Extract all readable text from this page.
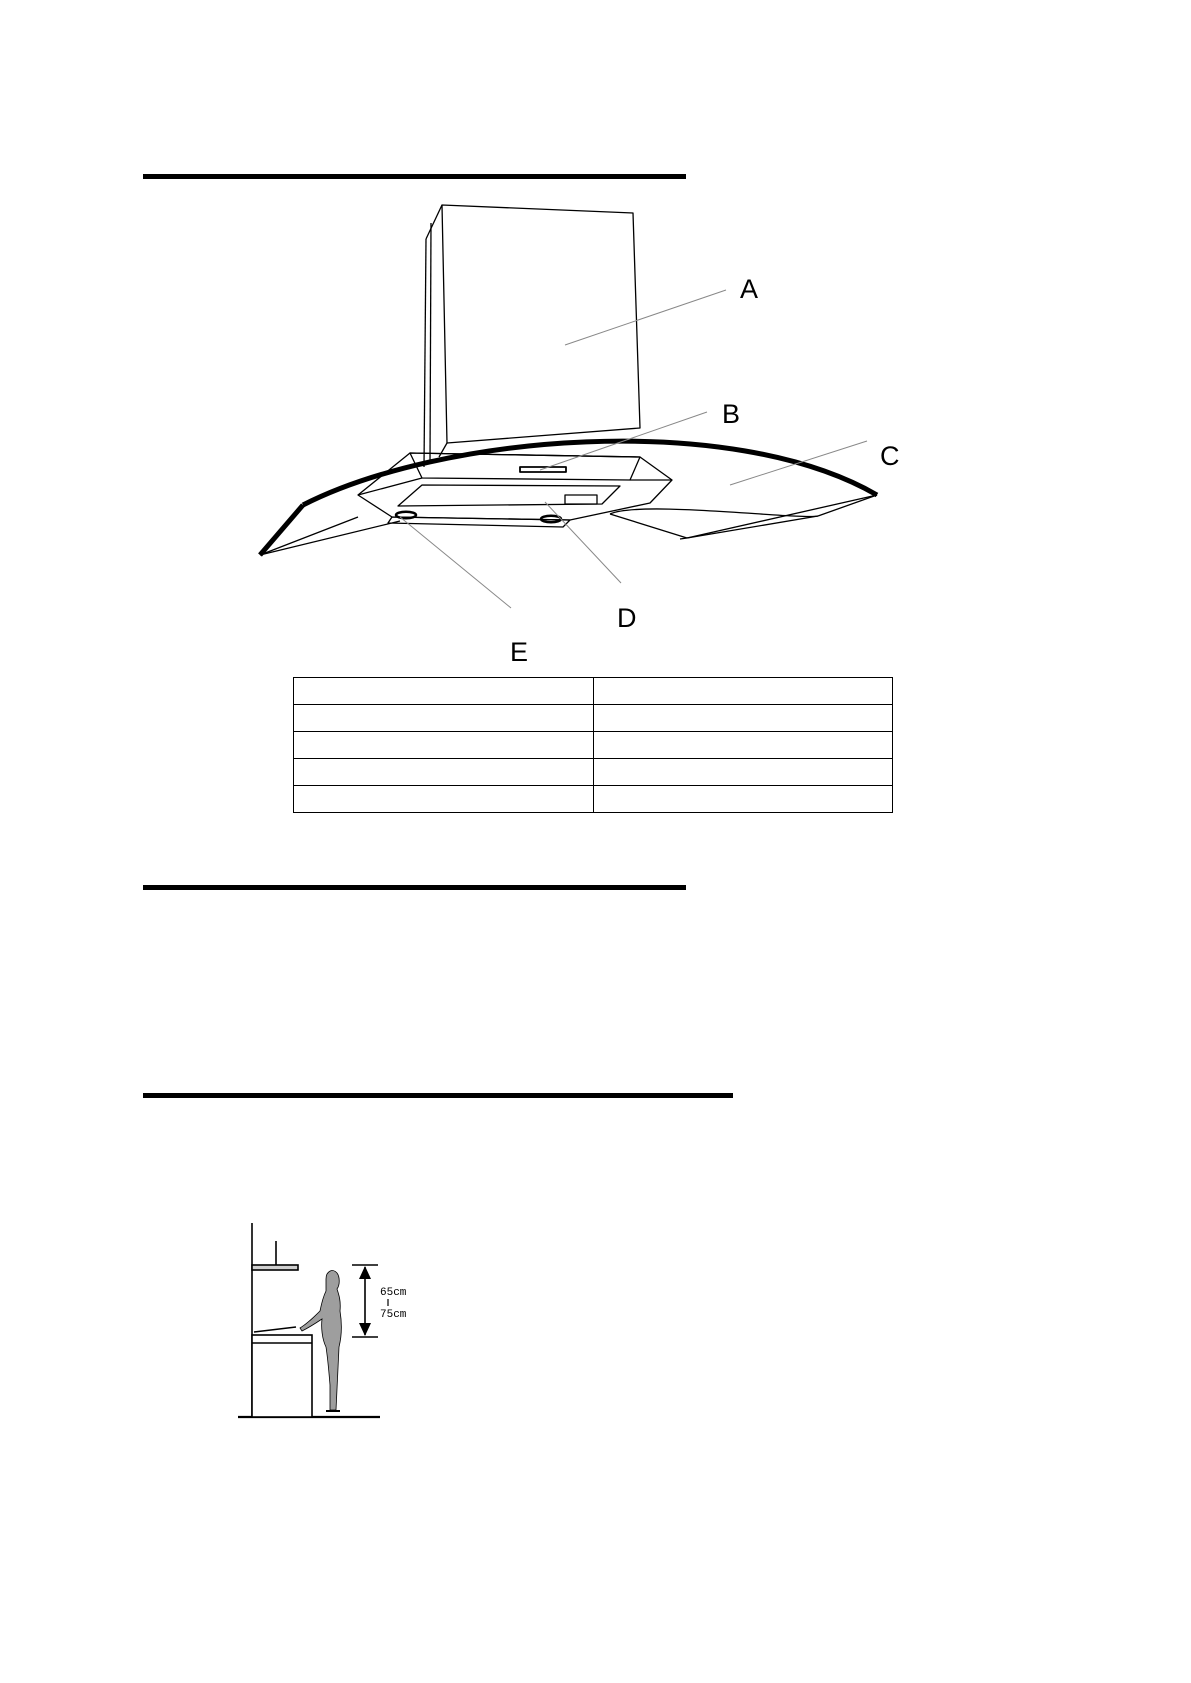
A
B
C
D
E

65cm
75cm
